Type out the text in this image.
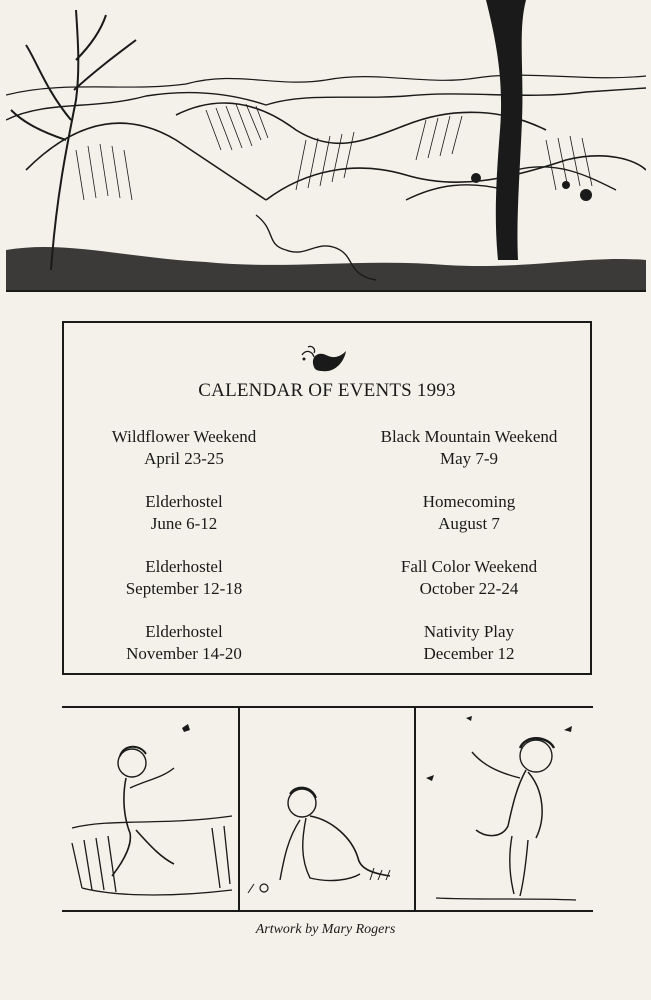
CALENDAR OF EVENTS 1993
Wildflower Weekend
April 23-25
Black Mountain Weekend
May 7-9
Elderhostel
June 6-12
Homecoming
August 7
Elderhostel
September 12-18
Fall Color Weekend
October 22-24
Elderhostel
November 14-20
Nativity Play
December 12
Artwork by Mary Rogers
